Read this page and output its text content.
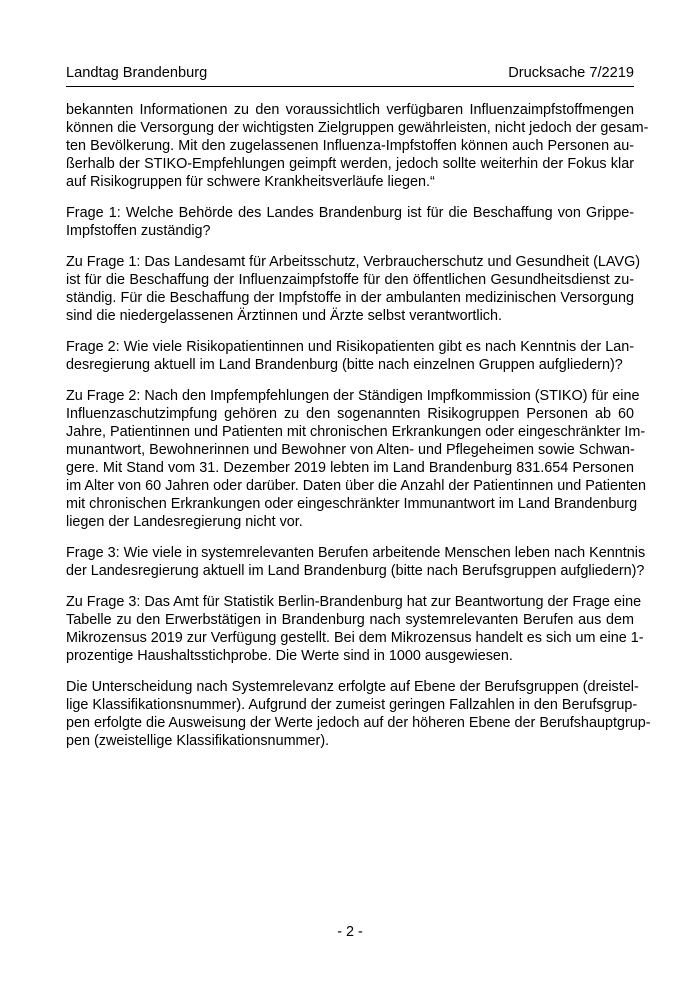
Landtag Brandenburg	Drucksache 7/2219

bekannten Informationen zu den voraussichtlich verfügbaren Influenzaimpfstoffmengen
können die Versorgung der wichtigsten Zielgruppen gewährleisten, nicht jedoch der gesam-
ten Bevölkerung. Mit den zugelassenen Influenza-Impfstoffen können auch Personen au-
ßerhalb der STIKO-Empfehlungen geimpft werden, jedoch sollte weiterhin der Fokus klar
auf Risikogruppen für schwere Krankheitsverläufe liegen.“

Frage 1: Welche Behörde des Landes Brandenburg ist für die Beschaffung von Grippe-
Impfstoffen zuständig?

Zu Frage 1: Das Landesamt für Arbeitsschutz, Verbraucherschutz und Gesundheit (LAVG)
ist für die Beschaffung der Influenzaimpfstoffe für den öffentlichen Gesundheitsdienst zu-
ständig. Für die Beschaffung der Impfstoffe in der ambulanten medizinischen Versorgung
sind die niedergelassenen Ärztinnen und Ärzte selbst verantwortlich.

Frage 2: Wie viele Risikopatientinnen und Risikopatienten gibt es nach Kenntnis der Lan-
desregierung aktuell im Land Brandenburg (bitte nach einzelnen Gruppen aufgliedern)?

Zu Frage 2: Nach den Impfempfehlungen der Ständigen Impfkommission (STIKO) für eine
Influenzaschutzimpfung gehören zu den sogenannten Risikogruppen Personen ab 60
Jahre, Patientinnen und Patienten mit chronischen Erkrankungen oder eingeschränkter Im-
munantwort, Bewohnerinnen und Bewohner von Alten- und Pflegeheimen sowie Schwan-
gere. Mit Stand vom 31. Dezember 2019 lebten im Land Brandenburg 831.654 Personen
im Alter von 60 Jahren oder darüber. Daten über die Anzahl der Patientinnen und Patienten
mit chronischen Erkrankungen oder eingeschränkter Immunantwort im Land Brandenburg
liegen der Landesregierung nicht vor.

Frage 3: Wie viele in systemrelevanten Berufen arbeitende Menschen leben nach Kenntnis
der Landesregierung aktuell im Land Brandenburg (bitte nach Berufsgruppen aufgliedern)?

Zu Frage 3: Das Amt für Statistik Berlin-Brandenburg hat zur Beantwortung der Frage eine
Tabelle zu den Erwerbstätigen in Brandenburg nach systemrelevanten Berufen aus dem
Mikrozensus 2019 zur Verfügung gestellt. Bei dem Mikrozensus handelt es sich um eine 1-
prozentige Haushaltsstichprobe. Die Werte sind in 1000 ausgewiesen.

Die Unterscheidung nach Systemrelevanz erfolgte auf Ebene der Berufsgruppen (dreistel-
lige Klassifikationsnummer). Aufgrund der zumeist geringen Fallzahlen in den Berufsgrup-
pen erfolgte die Ausweisung der Werte jedoch auf der höheren Ebene der Berufshauptgrup-
pen (zweistellige Klassifikationsnummer).

- 2 -
